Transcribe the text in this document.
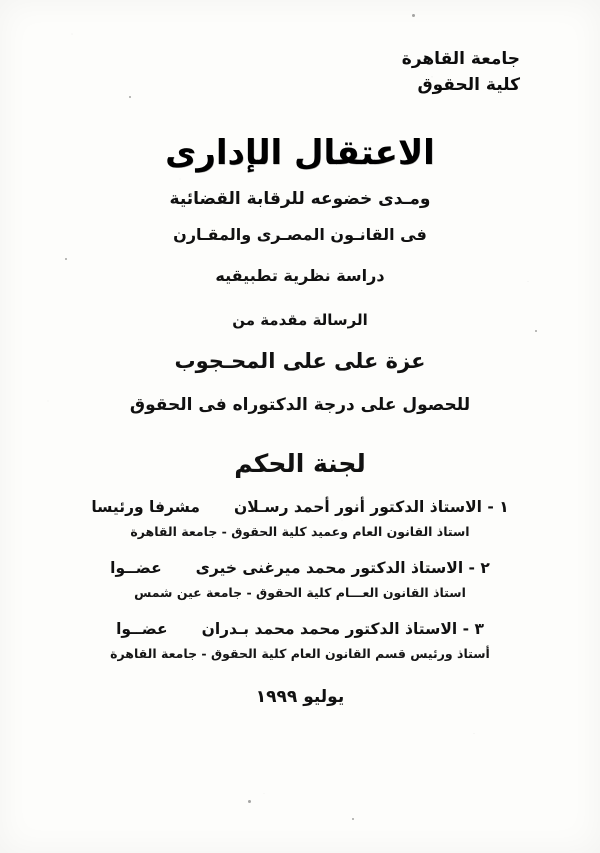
جامعة القاهرة
كلية الحقوق
الاعتقال الإدارى
ومـدى خضوعه للرقابة القضائية
فى القانـون المصـرى والمقـارن
دراسة نظرية تطبيقيه
الرسالة مقدمة من
عزة على على المحـجوب
للحصول على درجة الدكتوراه فى الحقوق
لجنة الحكم
١ - الاستاذ الدكتور أنور أحمد رسـلان
مشرفا ورئيسا
استاذ القانون العام وعميد كلية الحقوق - جامعة القاهرة
٢ - الاستاذ الدكتور محمد ميرغنى خيرى
عضــوا
استاذ القانون العـــام كلية الحقوق - جامعة عين شمس
٣ - الاستاذ الدكتور محمد محمد بـدران
عضــوا
أستاذ ورئيس قسم القانون العام كلية الحقوق - جامعة القاهرة
يوليو ١٩٩٩
